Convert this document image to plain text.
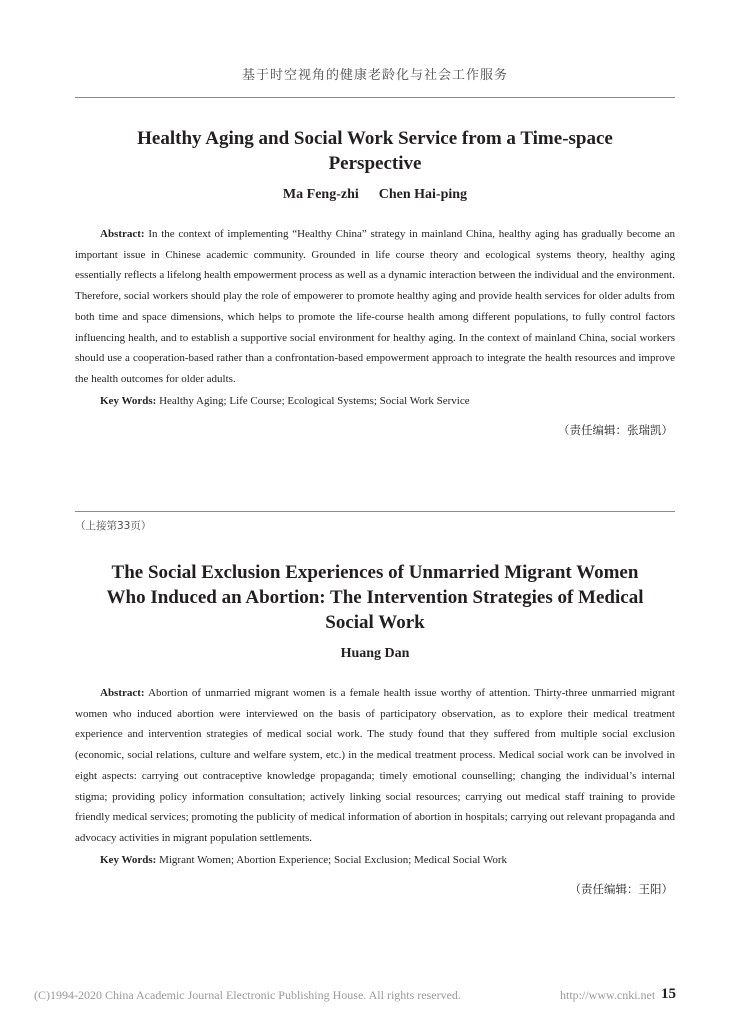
基于时空视角的健康老龄化与社会工作服务
Healthy Aging and Social Work Service from a Time-space
Perspective

Ma Feng-zhi Chen Hai-ping

Abstract: In the context of implementing “Healthy China” strategy in mainland China, healthy aging has gradually become an important issue in Chinese academic community. Grounded in life course theory and ecological systems theory, healthy aging essentially reflects a lifelong health empowerment process as well as a dynamic interaction between the individual and the environment. Therefore, social workers should play the role of empowerer to promote healthy aging and provide health services for older adults from both time and space dimensions, which helps to promote the life-course health among different populations, to fully control factors influencing health, and to establish a supportive social environment for healthy aging. In the context of mainland China, social workers should use a cooperation-based rather than a confrontation-based empowerment approach to integrate the health resources and improve the health outcomes for older adults.

Key Words: Healthy Aging; Life Course; Ecological Systems; Social Work Service

（责任编辑：张瑞凯）
（上接第33页）
The Social Exclusion Experiences of Unmarried Migrant Women
Who Induced an Abortion: The Intervention Strategies of Medical
Social Work

Huang Dan

Abstract: Abortion of unmarried migrant women is a female health issue worthy of attention. Thirty-three unmarried migrant women who induced abortion were interviewed on the basis of participatory observation, as to explore their medical treatment experience and intervention strategies of medical social work. The study found that they suffered from multiple social exclusion (economic, social relations, culture and welfare system, etc.) in the medical treatment process. Medical social work can be involved in eight aspects: carrying out contraceptive knowledge propaganda; timely emotional counselling; changing the individual’s internal stigma; providing policy information consultation; actively linking social resources; carrying out medical staff training to provide friendly medical services; promoting the publicity of medical information of abortion in hospitals; carrying out relevant propaganda and advocacy activities in migrant population settlements.

Key Words: Migrant Women; Abortion Experience; Social Exclusion; Medical Social Work

（责任编辑：王阳）
(C)1994-2020 China Academic Journal Electronic Publishing House. All rights reserved.	http://www.cnki.net 15
